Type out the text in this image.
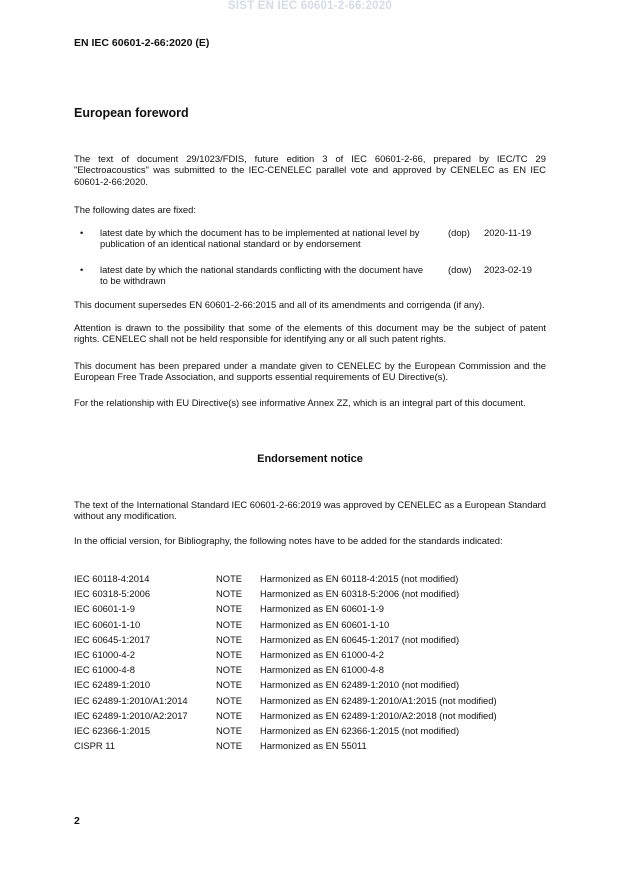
SIST EN IEC 60601-2-66:2020
EN IEC 60601-2-66:2020 (E)
European foreword

The text of document 29/1023/FDIS, future edition 3 of IEC 60601-2-66, prepared by IEC/TC 29 "Electroacoustics" was submitted to the IEC-CENELEC parallel vote and approved by CENELEC as EN IEC 60601-2-66:2020.

The following dates are fixed:

• latest date by which the document has to be implemented at national level by publication of an identical national standard or by endorsement
(dop) 2020-11-19
• latest date by which the national standards conflicting with the document have to be withdrawn
(dow) 2023-02-19

This document supersedes EN 60601-2-66:2015 and all of its amendments and corrigenda (if any).

Attention is drawn to the possibility that some of the elements of this document may be the subject of patent rights. CENELEC shall not be held responsible for identifying any or all such patent rights.

This document has been prepared under a mandate given to CENELEC by the European Commission and the European Free Trade Association, and supports essential requirements of EU Directive(s).

For the relationship with EU Directive(s) see informative Annex ZZ, which is an integral part of this document.

Endorsement notice

The text of the International Standard IEC 60601-2-66:2019 was approved by CENELEC as a European Standard without any modification.

In the official version, for Bibliography, the following notes have to be added for the standards indicated:

IEC 60118-4:2014	NOTE Harmonized as EN 60118-4:2015 (not modified)
IEC 60318-5:2006	NOTE Harmonized as EN 60318-5:2006 (not modified)
IEC 60601-1-9	NOTE Harmonized as EN 60601-1-9
IEC 60601-1-10	NOTE Harmonized as EN 60601-1-10
IEC 60645-1:2017	NOTE Harmonized as EN 60645-1:2017 (not modified)
IEC 61000-4-2	NOTE Harmonized as EN 61000-4-2
IEC 61000-4-8	NOTE Harmonized as EN 61000-4-8
IEC 62489-1:2010	NOTE Harmonized as EN 62489-1:2010 (not modified)
IEC 62489-1:2010/A1:2014	NOTE Harmonized as EN 62489-1:2010/A1:2015 (not modified)
IEC 62489-1:2010/A2:2017	NOTE Harmonized as EN 62489-1:2010/A2:2018 (not modified)
IEC 62366-1:2015	NOTE Harmonized as EN 62366-1:2015 (not modified)
CISPR 11	NOTE Harmonized as EN 55011
2
